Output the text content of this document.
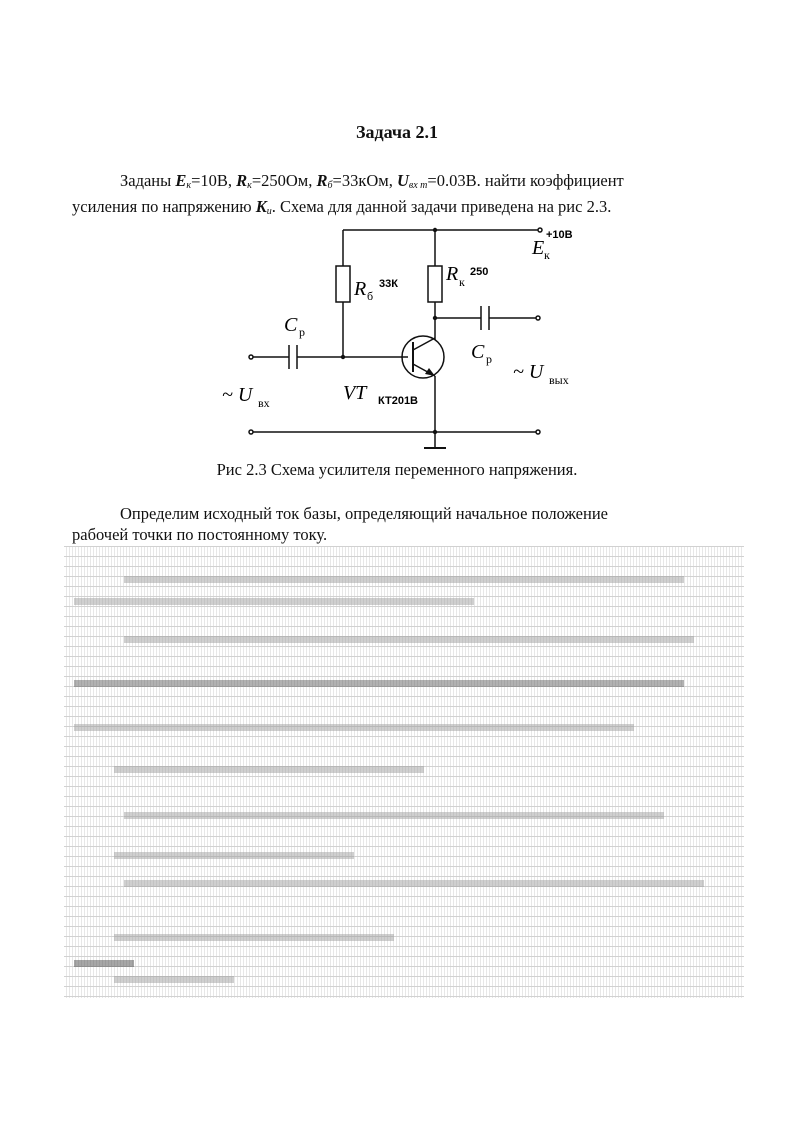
Задача 2.1
Заданы $E_к=10В$, $R_к=250Ом$, $R_б=33кОм$, $U_{вх m}=0.03В$. найти коэффициент
усиления по напряжению $K_u$. Схема для данной задачи приведена на рис 2.3.
E к
+10В
R б
33К R к
250
C р
C р
~ U вх
~ U вых
VT КТ201В
Рис 2.3 Схема усилителя переменного напряжения.
Определим исходный ток базы, определяющий начальное положение
рабочей точки по постоянному току.
